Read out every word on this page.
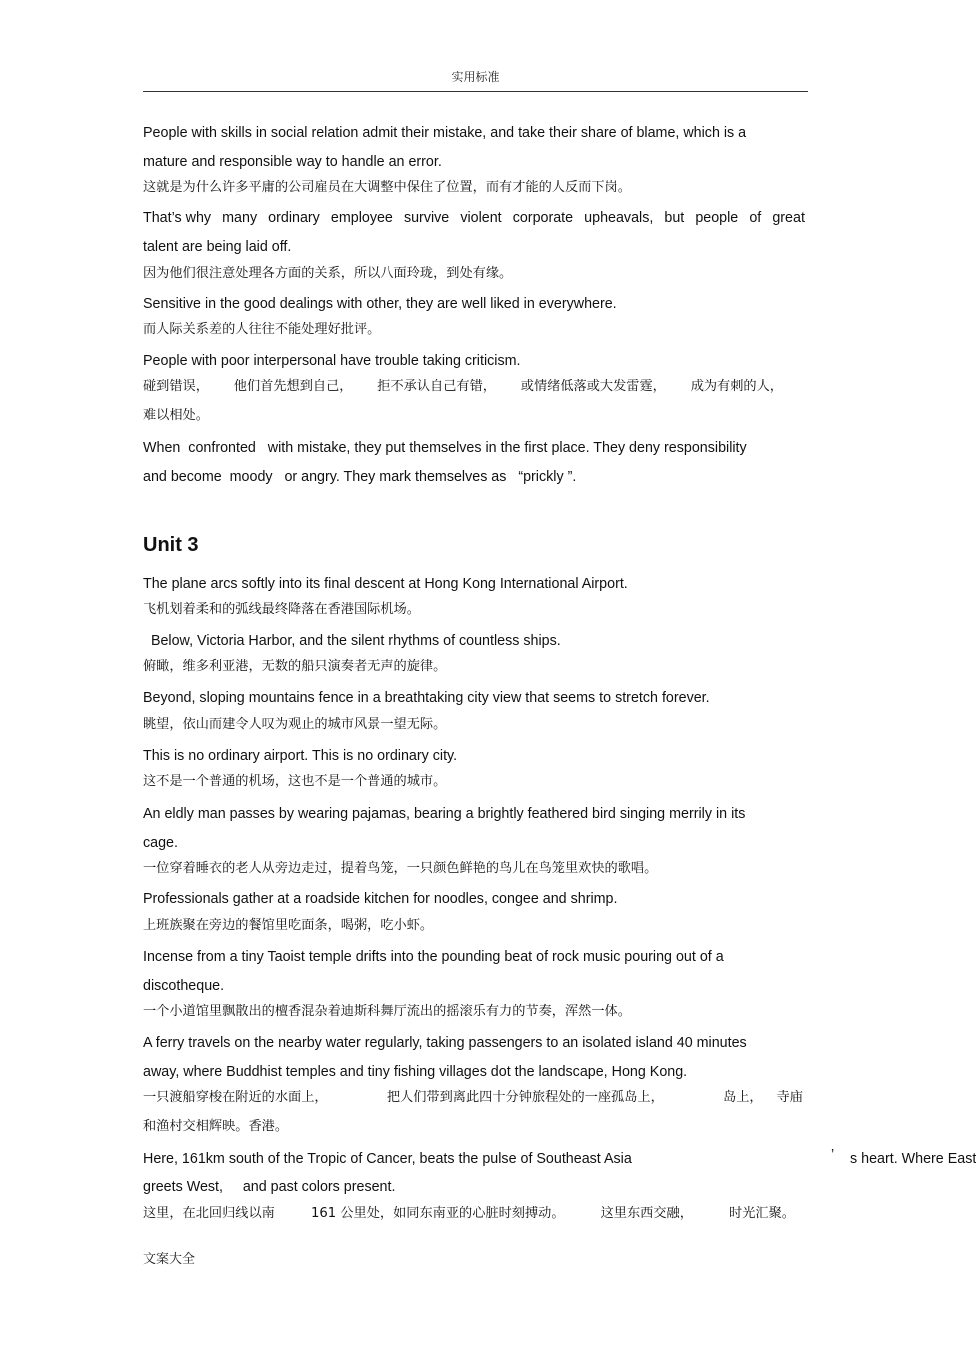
实用标准
People with skills in social relation admit their mistake, and take their share of blame, which is a
mature and responsible way to handle an error.
这就是为什么许多平庸的公司雇员在大调整中保住了位置，而有才能的人反而下岗。
That’s why many ordinary employee survive violent corporate upheavals, but people of great
talent are being laid off.
因为他们很注意处理各方面的关系，所以八面玲珑，到处有缘。
Sensitive in the good dealings with other, they are well liked in everywhere.
而人际关系差的人往往不能处理好批评。
People with poor interpersonal have trouble taking criticism.
碰到错误， 他们首先想到自己， 拒不承认自己有错， 或情绪低落或大发雷霆， 成为有刺的人，
难以相处。
When  confronted   with mistake, they put themselves in the first place. They deny responsibility
and become  moody   or angry. They mark themselves as   “prickly ”.
Unit 3
The plane arcs softly into its final descent at Hong Kong International Airport.
飞机划着柔和的弧线最终降落在香港国际机场。
Below, Victoria Harbor, and the silent rhythms of countless ships.
俯瞰，维多利亚港，无数的船只演奏者无声的旋律。
Beyond, sloping mountains fence in a breathtaking city view that seems to stretch forever.
眺望，依山而建令人叹为观止的城市风景一望无际。
This is no ordinary airport. This is no ordinary city.
这不是一个普通的机场，这也不是一个普通的城市。
An eldly man passes by wearing pajamas, bearing a brightly feathered bird singing merrily in its
cage.
一位穿着睡衣的老人从旁边走过，提着鸟笼，一只颜色鲜艳的鸟儿在鸟笼里欢快的歌唱。
Professionals gather at a roadside kitchen for noodles, congee and shrimp.
上班族聚在旁边的餐馆里吃面条，喝粥，吃小虾。
Incense from a tiny Taoist temple drifts into the pounding beat of rock music pouring out of a
discotheque.
一个小道馆里飘散出的檀香混杂着迪斯科舞厅流出的摇滚乐有力的节奏，浑然一体。
A ferry travels on the nearby water regularly, taking passengers to an isolated island 40 minutes
away, where Buddhist temples and tiny fishing villages dot the landscape, Hong Kong.
一只渡船穿梭在附近的水面上，	把人们带到离此四十分钟旅程处的一座孤岛上，	岛上， 寺庙
和渔村交相辉映。香港。
Here, 161km south of the Tropic of Cancer, beats the pulse of Southeast Asia	’ s heart. Where East
greets West,     and past colors present.
这里，在北回归线以南	161 公里处，如同东南亚的心脏时刻搏动。	这里东西交融，	时光汇聚。
文案大全
